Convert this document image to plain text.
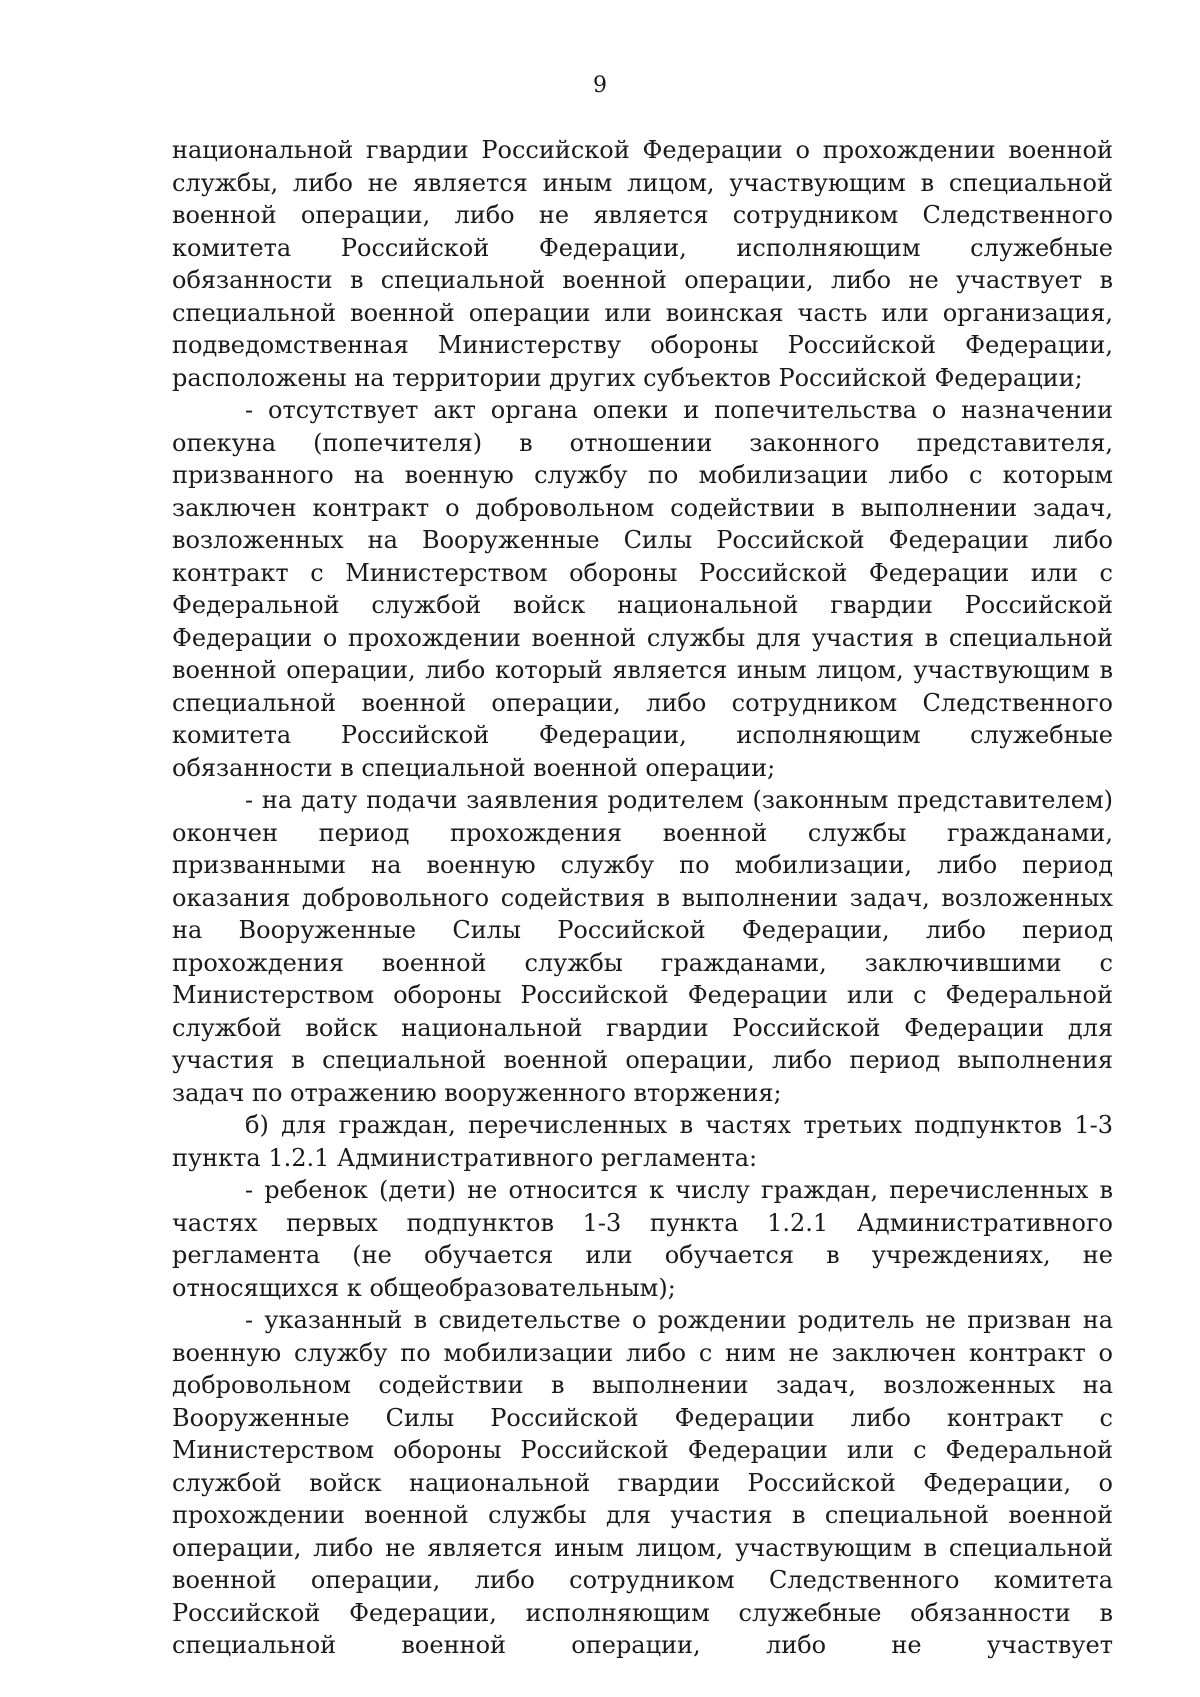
9

национальной гвардии Российской Федерации о прохождении военной службы, либо не является иным лицом, участвующим в специальной военной операции, либо не является сотрудником Следственного комитета Российской Федерации, исполняющим служебные обязанности в специальной военной операции, либо не участвует в специальной военной операции или воинская часть или организация, подведомственная Министерству обороны Российской Федерации, расположены на территории других субъектов Российской Федерации;

- отсутствует акт органа опеки и попечительства о назначении опекуна (попечителя) в отношении законного представителя, призванного на военную службу по мобилизации либо с которым заключен контракт о добровольном содействии в выполнении задач, возложенных на Вооруженные Силы Российской Федерации либо контракт с Министерством обороны Российской Федерации или с Федеральной службой войск национальной гвардии Российской Федерации о прохождении военной службы для участия в специальной военной операции, либо который является иным лицом, участвующим в специальной военной операции, либо сотрудником Следственного комитета Российской Федерации, исполняющим служебные обязанности в специальной военной операции;

- на дату подачи заявления родителем (законным представителем) окончен период прохождения военной службы гражданами, призванными на военную службу по мобилизации, либо период оказания добровольного содействия в выполнении задач, возложенных на Вооруженные Силы Российской Федерации, либо период прохождения военной службы гражданами, заключившими с Министерством обороны Российской Федерации или с Федеральной службой войск национальной гвардии Российской Федерации для участия в специальной военной операции, либо период выполнения задач по отражению вооруженного вторжения;

б) для граждан, перечисленных в частях третьих подпунктов 1-3 пункта 1.2.1 Административного регламента:

- ребенок (дети) не относится к числу граждан, перечисленных в частях первых подпунктов 1-3 пункта 1.2.1 Административного регламента (не обучается или обучается в учреждениях, не относящихся к общеобразовательным);

- указанный в свидетельстве о рождении родитель не призван на военную службу по мобилизации либо с ним не заключен контракт о добровольном содействии в выполнении задач, возложенных на Вооруженные Силы Российской Федерации либо контракт с Министерством обороны Российской Федерации или с Федеральной службой войск национальной гвардии Российской Федерации, о прохождении военной службы для участия в специальной военной операции, либо не является иным лицом, участвующим в специальной военной операции, либо сотрудником Следственного комитета Российской Федерации, исполняющим служебные обязанности в специальной военной операции, либо не участвует
